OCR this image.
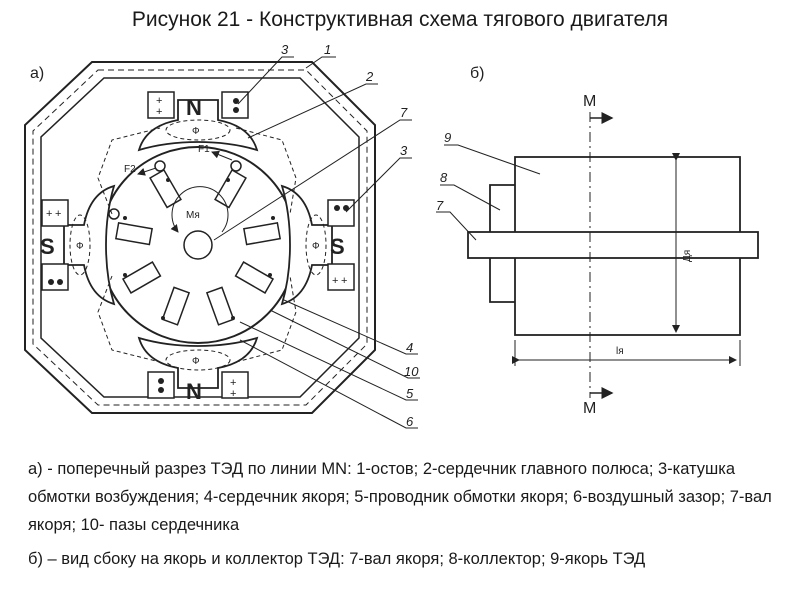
Рисунок 21 - Конструктивная схема тягового двигателя
а)
Mя
+
+
+
+
+ +
+ +
N
N
S	S
Ф
Ф
Ф	Ф
F1
F2
3	1
2
7
3
4
10
5
6
б)
M
M
Дя
lя
9
8
7
а) - поперечный разрез ТЭД по линии MN: 1-остов; 2-сердечник главного полюса; 3-катушка обмотки возбуждения; 4-сердечник якоря; 5-проводник обмотки якоря; 6-воздушный зазор; 7-вал якоря; 10- пазы сердечника
б) – вид сбоку на якорь и коллектор ТЭД: 7-вал якоря; 8-коллектор; 9-якорь ТЭД
